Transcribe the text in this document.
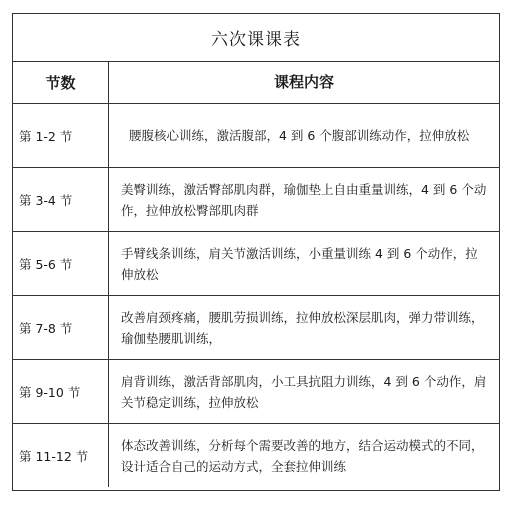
六次课课表
节数	课程内容
第 1-2 节	腰腹核心训练，激活腹部，4 到 6 个腹部训练动作，拉伸放松
第 3-4 节
美臀训练，激活臀部肌肉群，瑜伽垫上自由重量训练，4 到 6 个动作，拉伸放松臀部肌肉群
第 5-6 节
手臂线条训练，肩关节激活训练，小重量训练 4 到 6 个动作，拉伸放松
第 7-8 节
改善肩颈疼痛，腰肌劳损训练，拉伸放松深层肌肉，弹力带训练，瑜伽垫腰肌训练，
第 9-10 节
肩背训练，激活背部肌肉，小工具抗阻力训练，4 到 6 个动作，肩关节稳定训练，拉伸放松
第 11-12 节
体态改善训练，分析每个需要改善的地方，结合运动模式的不同，设计适合自己的运动方式，全套拉伸训练
